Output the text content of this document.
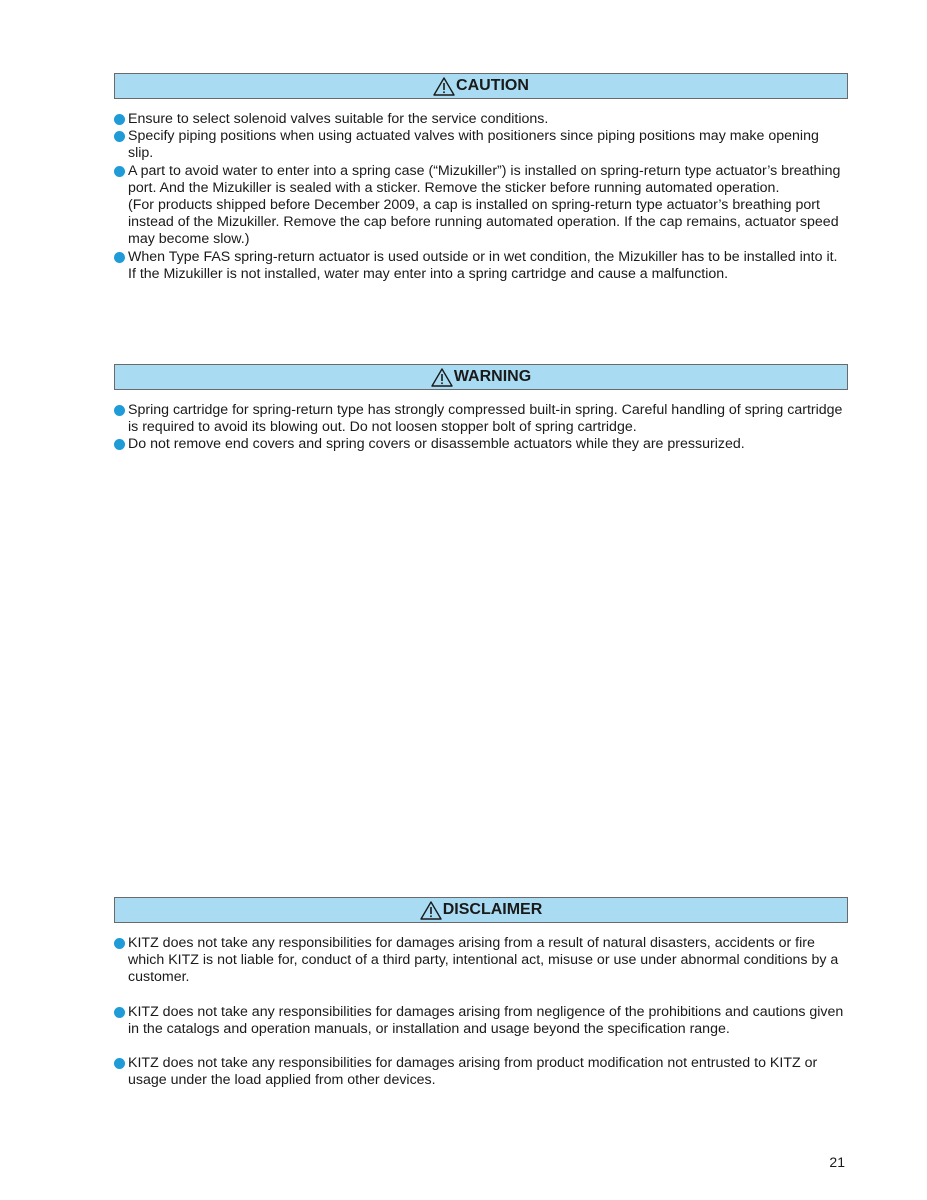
CAUTION
Ensure to select solenoid valves suitable for the service conditions.
Specify piping positions when using actuated valves with positioners since piping positions may make opening slip.
A part to avoid water to enter into a spring case (“Mizukiller”) is installed on spring-return type actuator’s breathing port. And the Mizukiller is sealed with a sticker. Remove the sticker before running automated operation.
(For products shipped before December 2009, a cap is installed on spring-return type actuator’s breathing port instead of the Mizukiller. Remove the cap before running automated operation. If the cap remains, actuator speed may become slow.)
When Type FAS spring-return actuator is used outside or in wet condition, the Mizukiller has to be installed into it. If the Mizukiller is not installed, water may enter into a spring cartridge and cause a malfunction.
WARNING
Spring cartridge for spring-return type has strongly compressed built-in spring. Careful handling of spring cartridge is required to avoid its blowing out. Do not loosen stopper bolt of spring cartridge.
Do not remove end covers and spring covers or disassemble actuators while they are pressurized.
DISCLAIMER
KITZ does not take any responsibilities for damages arising from a result of natural disasters, accidents or fire which KITZ is not liable for, conduct of a third party, intentional act, misuse or use under abnormal conditions by a customer.
KITZ does not take any responsibilities for damages arising from negligence of the prohibitions and cautions given in the catalogs and operation manuals, or installation and usage beyond the specification range.
KITZ does not take any responsibilities for damages arising from product modification not entrusted to KITZ or usage under the load applied from other devices.
21
